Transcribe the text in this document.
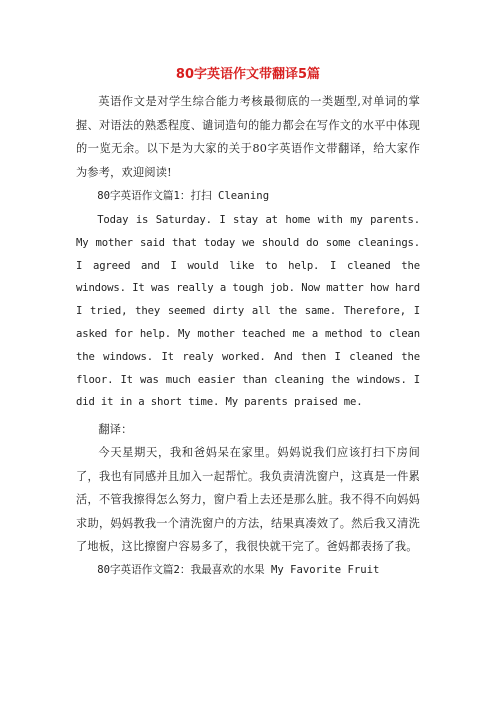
80字英语作文带翻译5篇

英语作文是对学生综合能力考核最彻底的一类题型,对单词的掌握、对语法的熟悉程度、谴词造句的能力都会在写作文的水平中体现的一览无余。以下是为大家的关于80字英语作文带翻译，给大家作为参考，欢迎阅读!

80字英语作文篇1：打扫 Cleaning

Today is Saturday. I stay at home with my parents. My mother said that today we should do some cleanings. I agreed and I would like to help. I cleaned the windows. It was really a tough job. Now matter how hard I tried, they seemed dirty all the same. Therefore, I asked for help. My mother teached me a method to clean the windows. It realy worked. And then I cleaned the floor. It was much easier than cleaning the windows. I did it in a short time. My parents praised me.

翻译：

今天星期天，我和爸妈呆在家里。妈妈说我们应该打扫下房间了，我也有同感并且加入一起帮忙。我负责清洗窗户，这真是一件累活，不管我擦得怎么努力，窗户看上去还是那么脏。我不得不向妈妈求助，妈妈教我一个清洗窗户的方法，结果真凑效了。然后我又清洗了地板，这比擦窗户容易多了，我很快就干完了。爸妈都表扬了我。

80字英语作文篇2：我最喜欢的水果 My Favorite Fruit
